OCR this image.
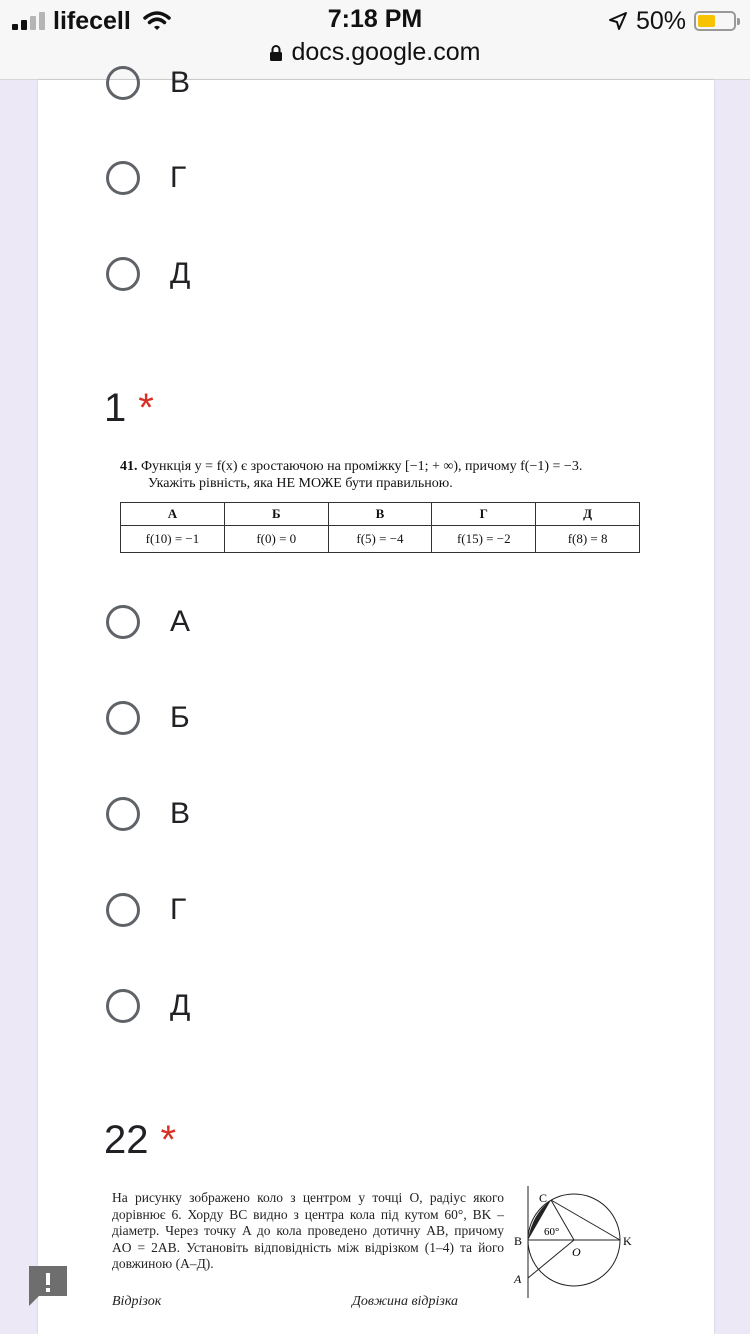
lifecell	7:18 PM	50%
docs.google.com
В
Г
Д
1 *
41. Функція y = f(x) є зростаючою на проміжку [−1; + ∞), причому f(−1) = −3.
Укажіть рівність, яка НЕ МОЖЕ бути правильною.
А	Б	В	Г	Д
f(10) = −1	f(0) = 0	f(5) = −4	f(15) = −2	f(8) = 8
А
Б
В
Г
Д
22 *
На рисунку зображено коло з центром у точці O, радіус якого дорівнює 6. Хорду BC видно з центра кола під кутом 60°, BK – діаметр. Через точку A до кола проведено дотичну AB, причому AO = 2AB. Установіть відповідність між відрізком (1–4) та його довжиною (А–Д).
C
B
A
O
K
60°
Відрізок	Довжина відрізка
